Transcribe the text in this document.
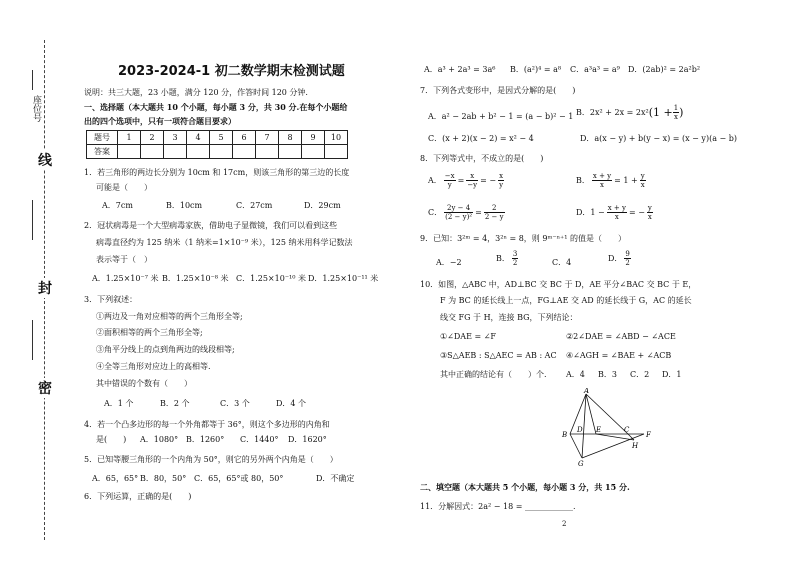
座位号
线
封
密
2023-2024-1 初二数学期末检测试题
说明：共三大题，23 小题，满分 120 分，作答时间 120 分钟.
一、选择题（本大题共 10 个小题，每小题 3 分，共 30 分.在每个小题给
出的四个选项中，只有一项符合题目要求）
题号	1	2	3	4	5	6	7	8	9	10
答案										
1．若三角形的两边长分别为 10cm 和 17cm，则该三角形的第三边的长度
可能是（　　）
A．7cm	B．10cm	C．27cm	D．29cm
2．冠状病毒是一个大型病毒家族，借助电子显微镜，我们可以看到这些
病毒直径约为 125 纳米（1 纳米=1×10⁻⁹ 米），125 纳米用科学记数法
表示等于（　）
A．1.25×10⁻⁷ 米 B．1.25×10⁻⁸ 米 C．1.25×10⁻¹⁰ 米 D．1.25×10⁻¹¹ 米
3．下列叙述：
①两边及一角对应相等的两个三角形全等;
②面积相等的两个三角形全等;
③角平分线上的点到角两边的线段相等;
④全等三角形对应边上的高相等.
其中错误的个数有（　　）
A．1 个	B．2 个	C．3 个	D．4 个
4．若一个凸多边形的每一个外角都等于 36°，则这个多边形的内角和
是(　　) A．1080° B．1260° C．1440° D．1620°
5．已知等腰三角形的一个内角为 50°，则它的另外两个内角是（　　）
A．65，65° B．80，50° C．65，65°或 80，50°	D．不确定
6．下列运算，正确的是(　　)
A．a³ + 2a³ = 3a⁶ B．(a²)⁴ = a⁸ C．a³a³ = a⁹ D．(2ab)² = 2a²b²
7．下列各式变形中，是因式分解的是(　　)
A．a² − 2ab + b² − 1 = (a − b)² − 1 B．2x² + 2x = 2x² ($1 + \frac{1}{x}$ )
C．(x + 2)(x − 2) = x² − 4	D．a(x − y) + b(y − x) = (x − y)(a − b)
8．下列等式中，不成立的是(　　)
A． $\frac{-x}{y} = \frac{x}{-y}$ = − $\frac{x}{y}$	B． $\frac{x + y}{x} = 1 + \frac{y}{x}$
C． $\frac{2y - 4}{\text{(2 − y)²}} = \frac{2}{2 - y}$	D．$1 - \frac{x + y}{x}$ = − $\frac{y}{x}$
9．已知：3²ᵐ = 4，3²ⁿ = 8，则 9ᵐ⁻ⁿ⁺¹ 的值是（　　）
A．−2	B． $\frac{3}{2}$	C．4	D． $\frac{9}{2}$
10．如图，△ABC 中，AD⊥BC 交 BC 于 D，AE 平分∠BAC 交 BC 于 E，
F 为 BC 的延长线上一点，FG⊥AE 交 AD 的延长线于 G，AC 的延长
线交 FG 于 H，连接 BG，下列结论：
①∠DAE = ∠F	②2∠DAE = ∠ABD − ∠ACE
③S△AEB : S△AEC = AB : AC ④∠AGH = ∠BAE + ∠ACB
其中正确的结论有（　　）个. A．4 B．3 C．2 D．1
A
B
D E	C
F
H
G
二、填空题（本大题共 5 个小题，每小题 3 分，共 15 分.
11．分解因式：2a² − 18 = ____________.
2
